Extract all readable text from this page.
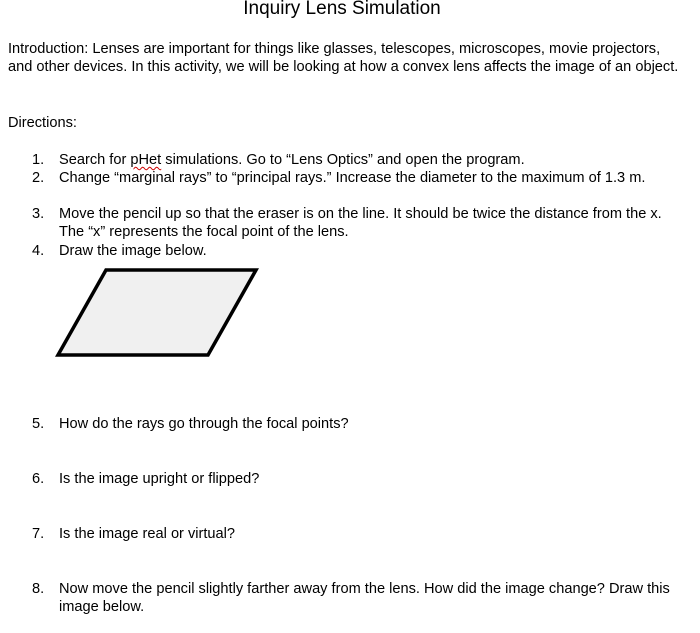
Inquiry Lens Simulation
Introduction: Lenses are important for things like glasses, telescopes, microscopes, movie projectors, and other devices. In this activity, we will be looking at how a convex lens affects the image of an object.
Directions:
1.	Search for pHet simulations. Go to “Lens Optics” and open the program.
2.	Change “marginal rays” to “principal rays.” Increase the diameter to the maximum of 1.3 m.
3.	Move the pencil up so that the eraser is on the line. It should be twice the distance from the x. The “x” represents the focal point of the lens.
4.	Draw the image below.
5.	How do the rays go through the focal points?
6.	Is the image upright or flipped?
7.	Is the image real or virtual?
8.	Now move the pencil slightly farther away from the lens. How did the image change? Draw this image below.
